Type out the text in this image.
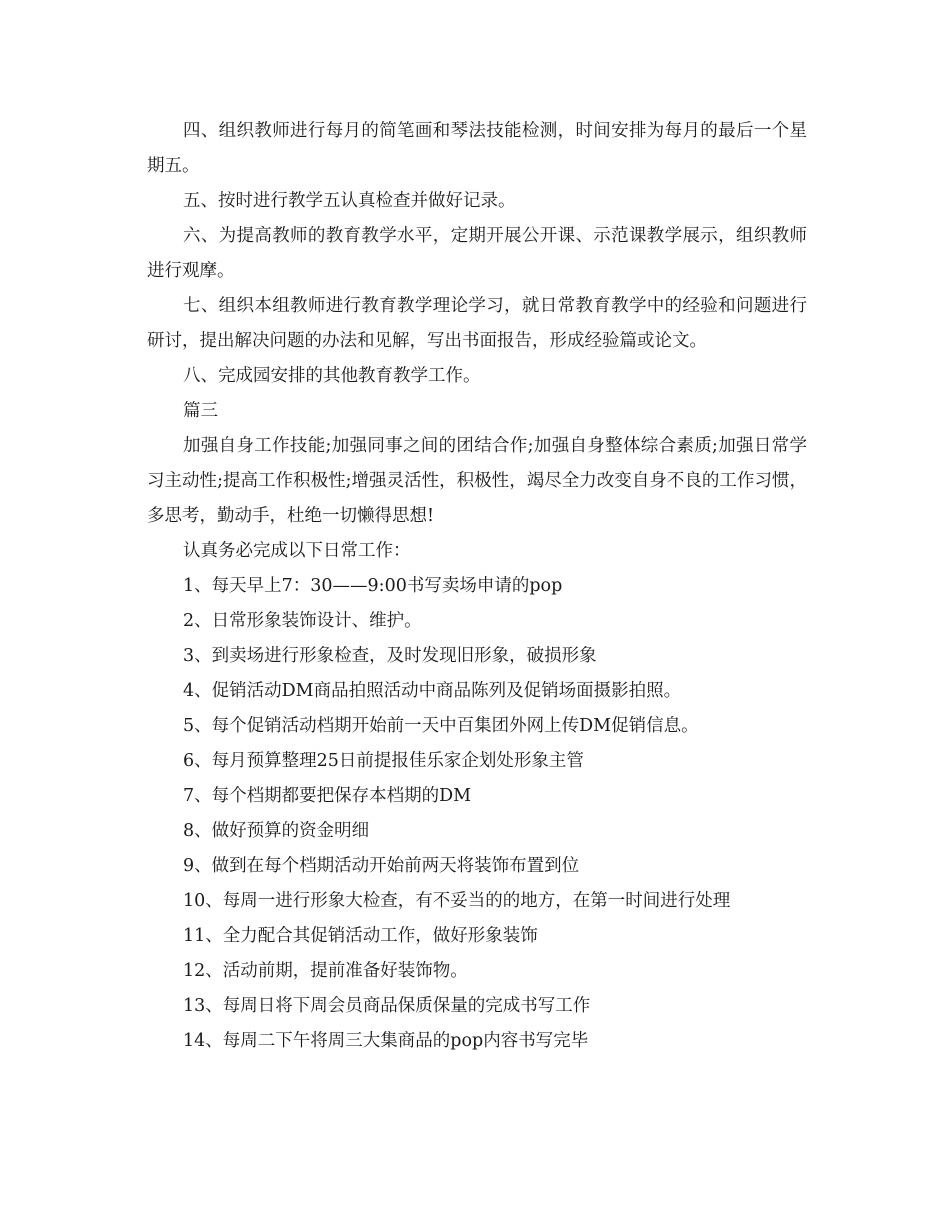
四、组织教师进行每月的简笔画和琴法技能检测，时间安排为每月的最后一个星期五。

五、按时进行教学五认真检查并做好记录。

六、为提高教师的教育教学水平，定期开展公开课、示范课教学展示，组织教师进行观摩。

七、组织本组教师进行教育教学理论学习，就日常教育教学中的经验和问题进行研讨，提出解决问题的办法和见解，写出书面报告，形成经验篇或论文。

八、完成园安排的其他教育教学工作。

篇三

加强自身工作技能;加强同事之间的团结合作;加强自身整体综合素质;加强日常学习主动性;提高工作积极性;增强灵活性，积极性，竭尽全力改变自身不良的工作习惯，多思考，勤动手，杜绝一切懒得思想!

认真务必完成以下日常工作：

1、每天早上7：30——9:00书写卖场申请的pop

2、日常形象装饰设计、维护。

3、到卖场进行形象检查，及时发现旧形象，破损形象

4、促销活动DM商品拍照活动中商品陈列及促销场面摄影拍照。

5、每个促销活动档期开始前一天中百集团外网上传DM促销信息。

6、每月预算整理25日前提报佳乐家企划处形象主管

7、每个档期都要把保存本档期的DM

8、做好预算的资金明细

9、做到在每个档期活动开始前两天将装饰布置到位

10、每周一进行形象大检查，有不妥当的的地方，在第一时间进行处理

11、全力配合其促销活动工作，做好形象装饰

12、活动前期，提前准备好装饰物。

13、每周日将下周会员商品保质保量的完成书写工作

14、每周二下午将周三大集商品的pop内容书写完毕
